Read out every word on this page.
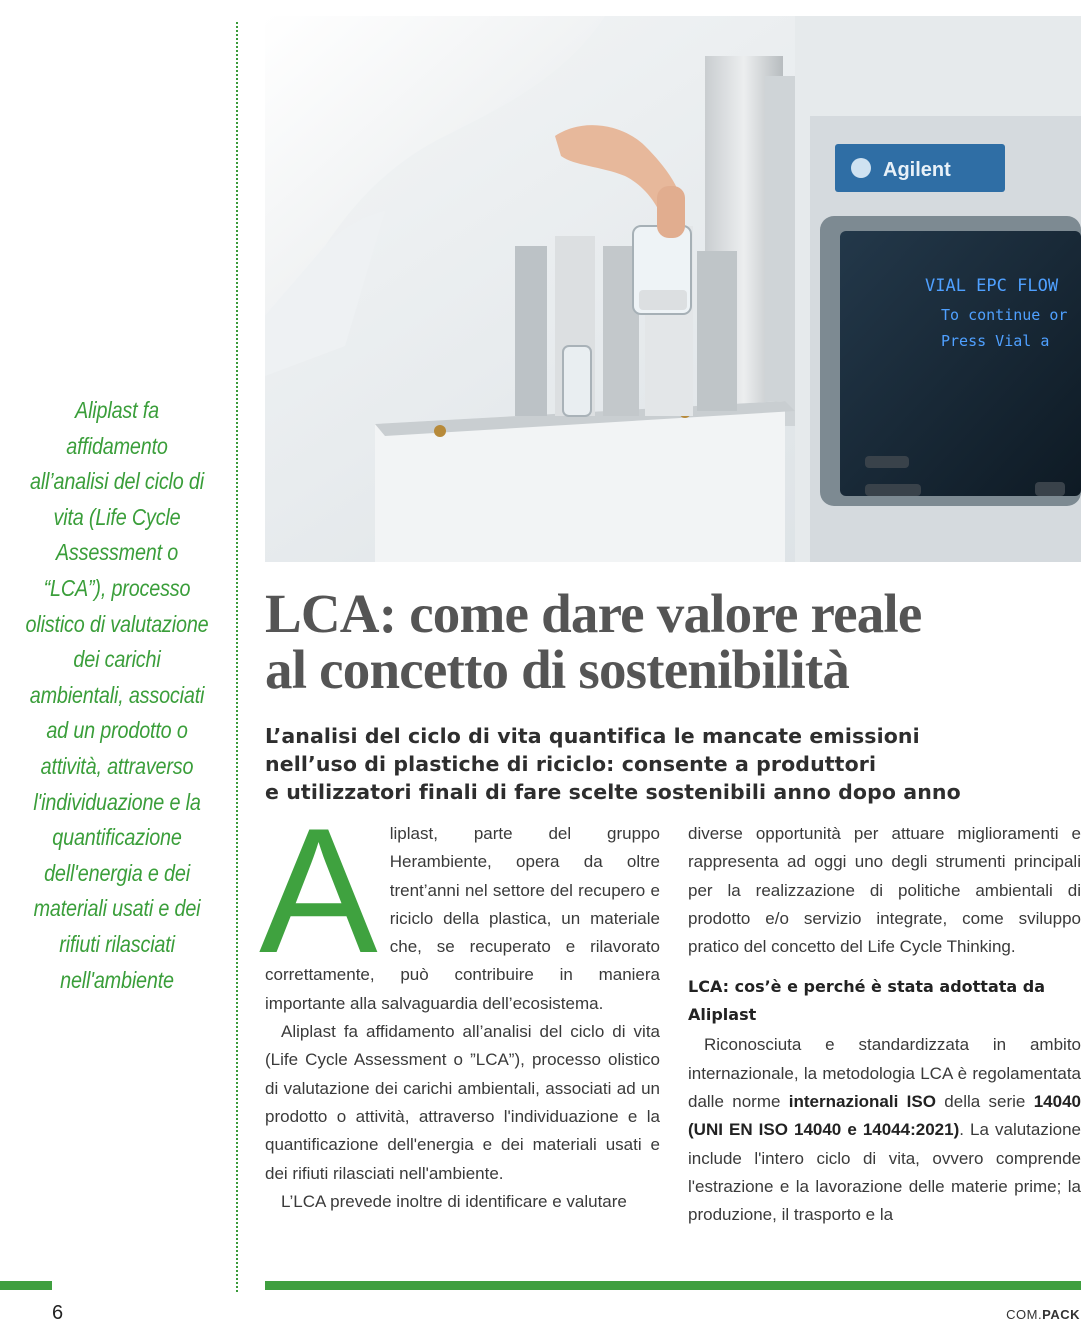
Aliplast fa affidamento all’analisi del ciclo di vita (Life Cycle Assessment o “LCA”), processo olistico di valutazione dei carichi ambientali, associati ad un prodotto o attività, attraverso l'individuazione e la quantificazione dell'energia e dei materiali usati e dei rifiuti rilasciati nell'ambiente
Agilent
VIAL EPC FLOW
To continue or
Press Vial a
LCA: come dare valore reale
al concetto di sostenibilità

L’analisi del ciclo di vita quantifica le mancate emissioni
nell’uso di plastiche di riciclo: consente a produttori
e utilizzatori finali di fare scelte sostenibili anno dopo anno

Aliplast, parte del gruppo Herambiente, opera da oltre trent’anni nel settore del recupero e riciclo della plastica, un materiale che, se recuperato e rilavorato correttamente, può contribuire in maniera importante alla salvaguardia dell’ecosistema.

Aliplast fa affidamento all’analisi del ciclo di vita (Life Cycle Assessment o ”LCA”), processo olistico di valutazione dei carichi ambientali, associati ad un prodotto o attività, attraverso l'individuazione e la quantificazione dell'energia e dei materiali usati e dei rifiuti rilasciati nell'ambiente.

L’LCA prevede inoltre di identificare e valutare

diverse opportunità per attuare miglioramenti e rappresenta ad oggi uno degli strumenti principali per la realizzazione di politiche ambientali di prodotto e/o servizio integrate, come sviluppo pratico del concetto del Life Cycle Thinking.

LCA: cos’è e perché è stata adottata da Aliplast

Riconosciuta e standardizzata in ambito internazionale, la metodologia LCA è regolamentata dalle norme internazionali ISO della serie 14040 (UNI EN ISO 14040 e 14044:2021). La valutazione include l'intero ciclo di vita, ovvero comprende l'estrazione e la lavorazione delle materie prime; la produzione, il trasporto e la

6	COM.PACK
